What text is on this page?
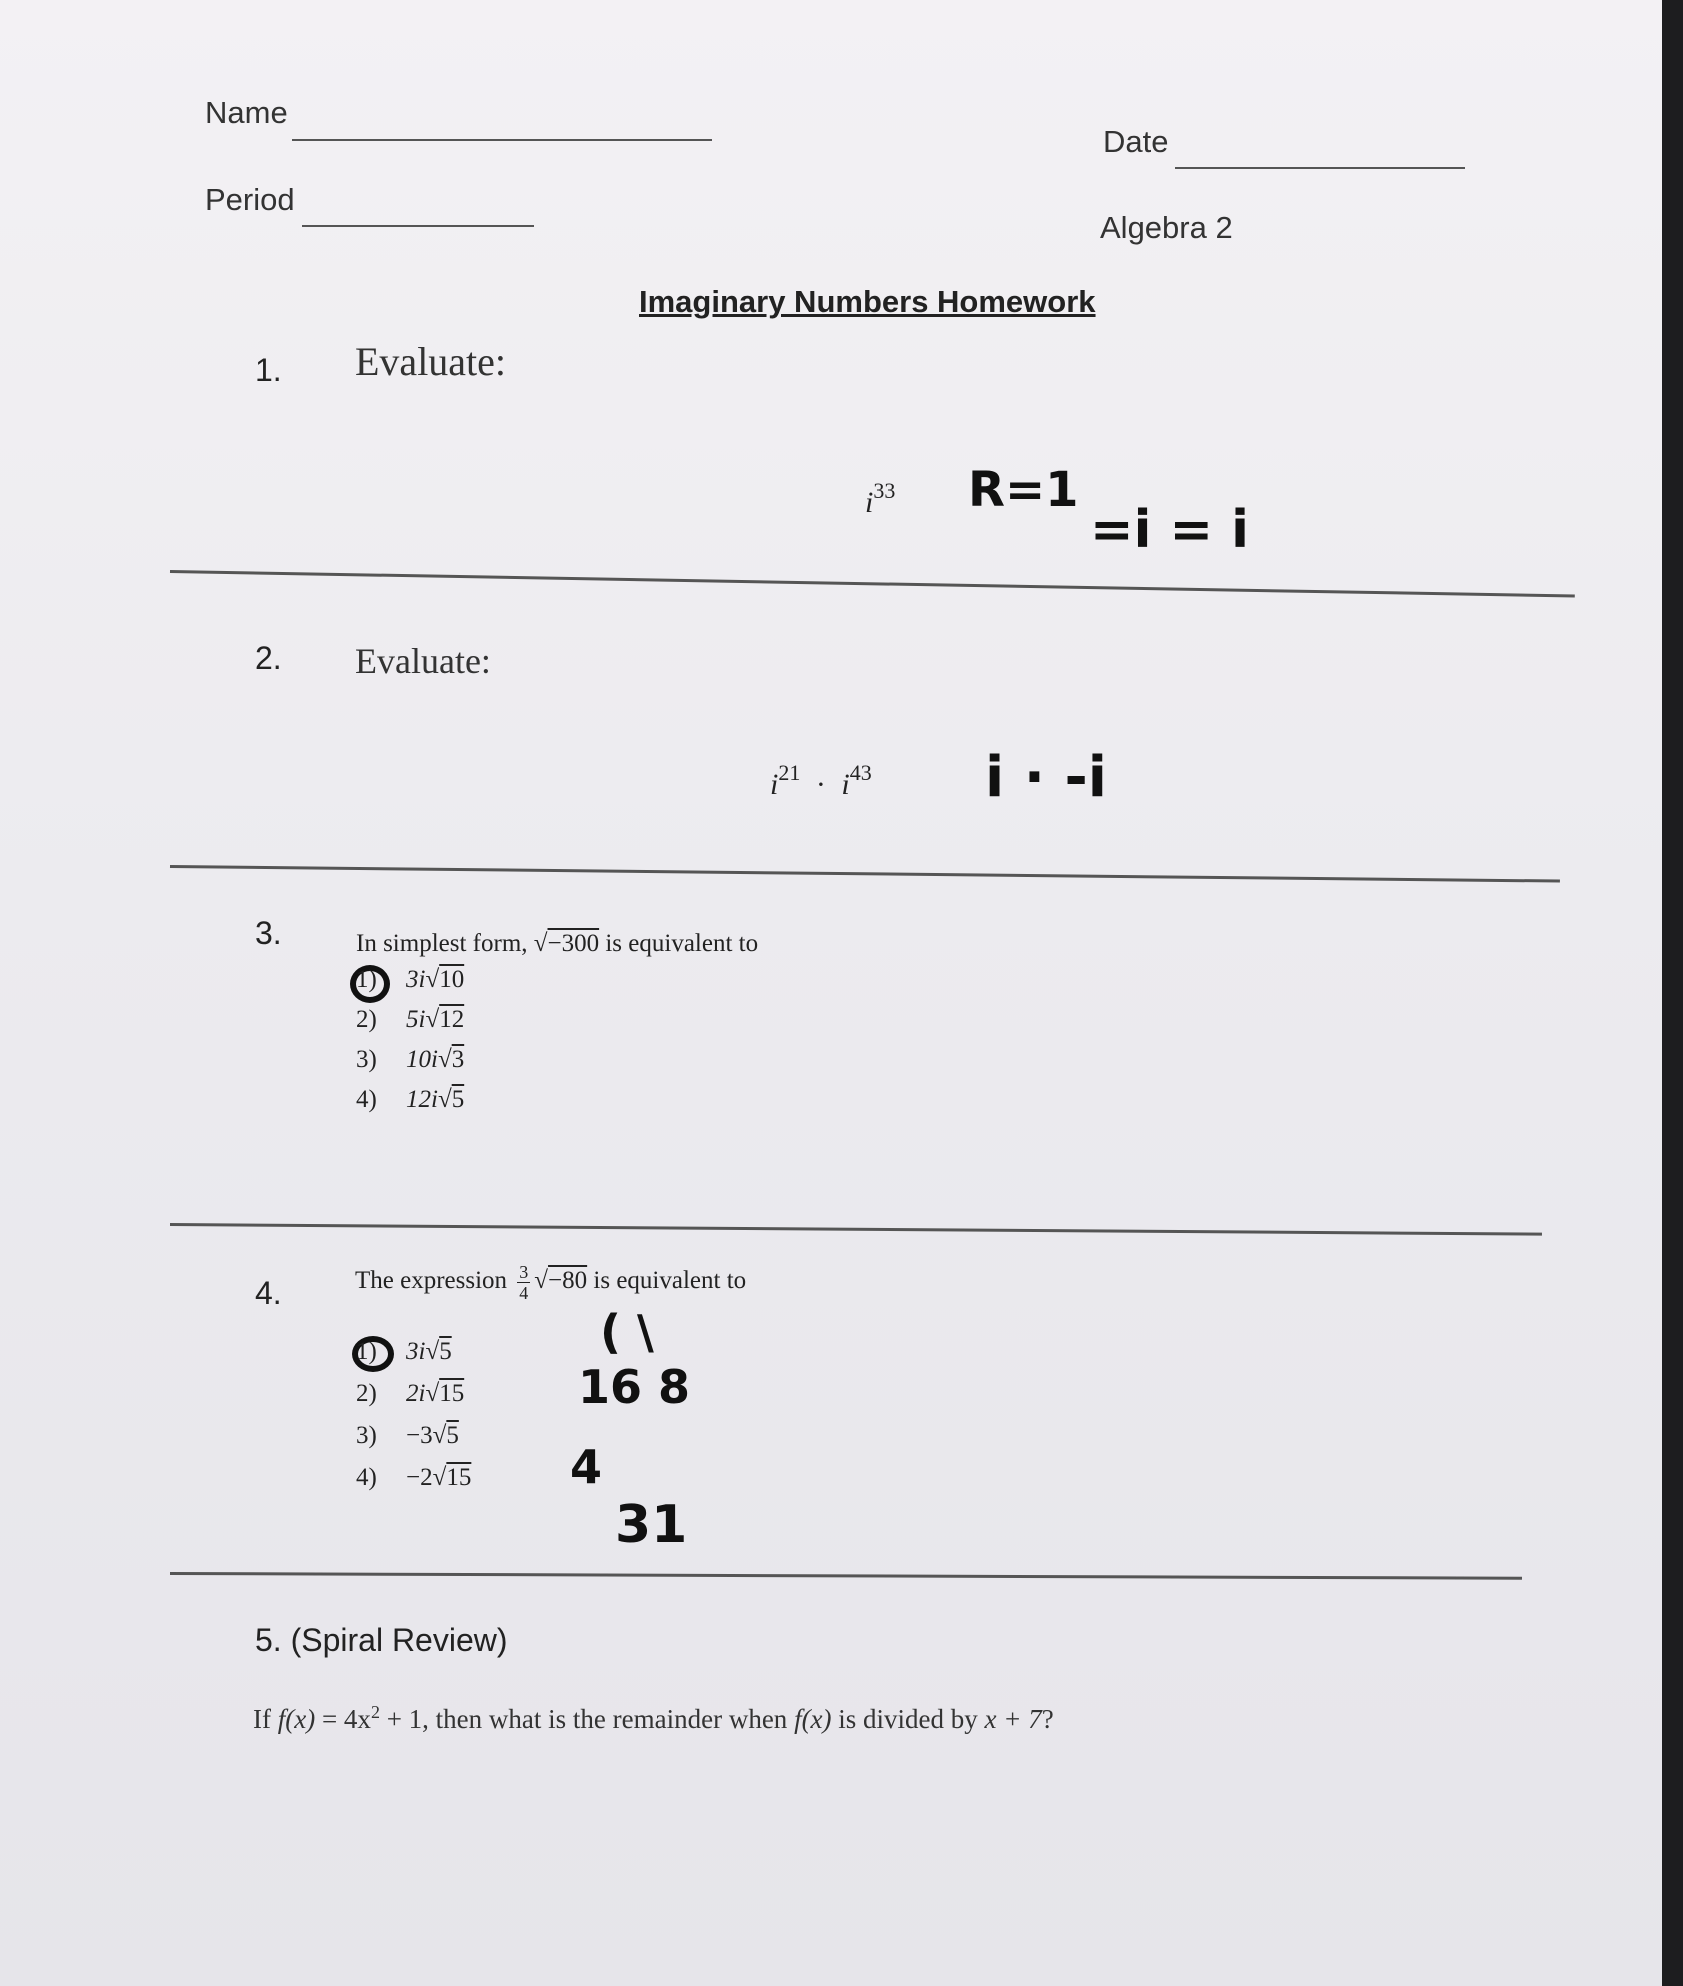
Name
Date
Period
Algebra 2
Imaginary Numbers Homework
1. Evaluate:
$i^{33}$ R=1
=i = i
2. Evaluate:
$i^{21} \cdot i^{43}$ i · -i
3.	In simplest form, √−300 is equivalent to
1) 3i√10
2) 5i√12
3) 10i√3
4) 12i√5
4.	The expression $\frac{3}{4} √-80$ is equivalent to
1) 3i√5
2) 2i√15
3) −3√5
4) −2√15
( \
16 8
4
31
5. (Spiral Review)
If $f(x) = 4x^2 + 1$, then what is the remainder when f(x) is divided by x + 7?
